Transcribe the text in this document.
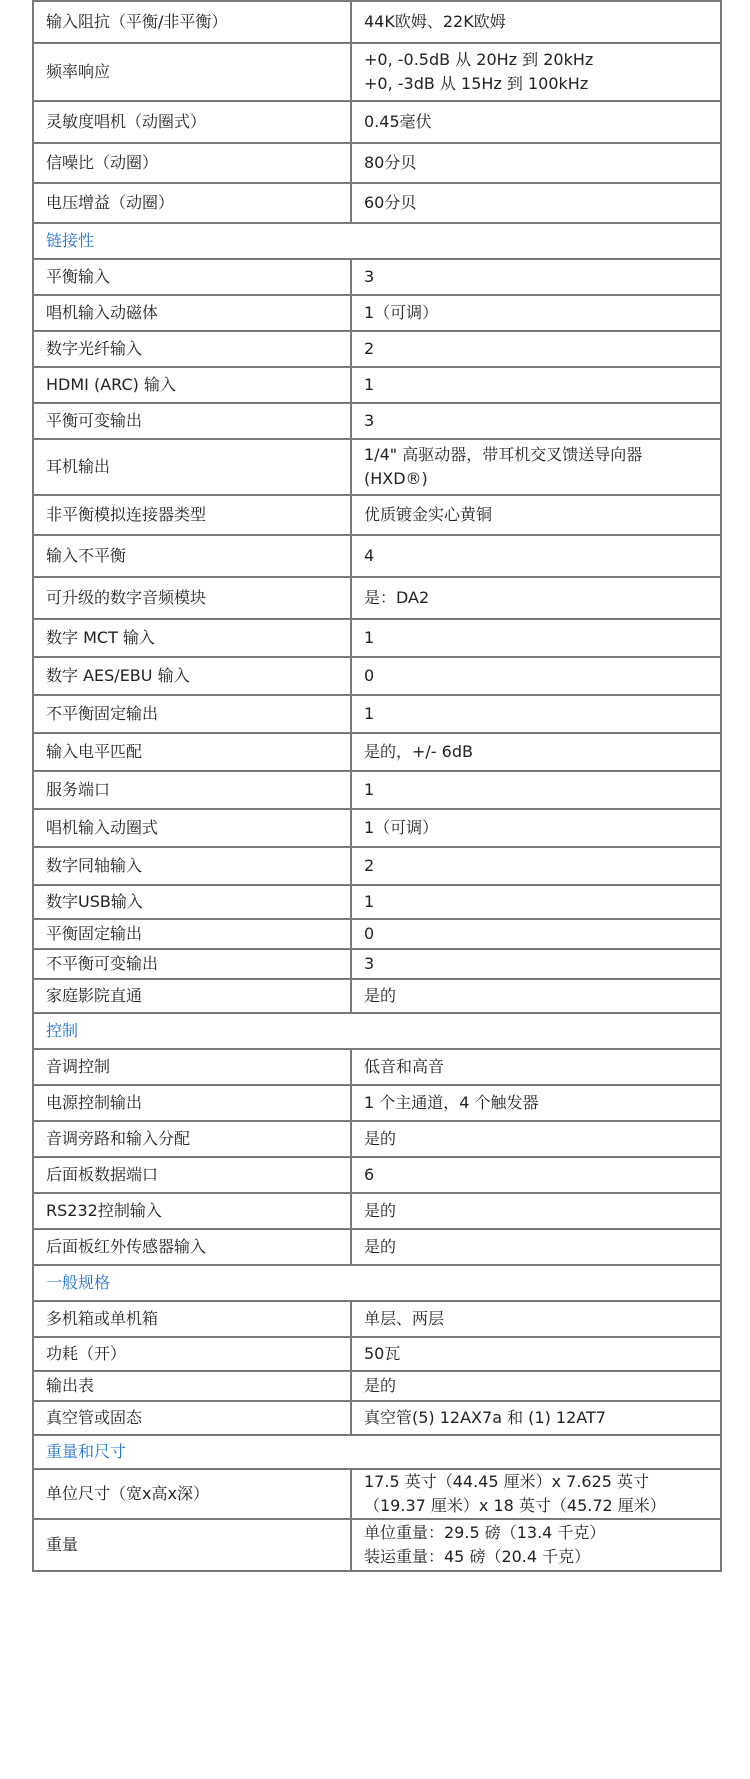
输入阻抗（平衡/非平衡）	44K欧姆、22K欧姆

频率响应	+0, -0.5dB 从 20Hz 到 20kHz
+0, -3dB 从 15Hz 到 100kHz

灵敏度唱机（动圈式）	0.45毫伏

信噪比（动圈）	80分贝

电压增益（动圈）	60分贝

链接性	
平衡输入	3

唱机输入动磁体	1（可调）

数字光纤输入	2

HDMI (ARC) 输入	1

平衡可变输出	3

耳机输出	1/4" 高驱动器，带耳机交叉馈送导向器
(HXD®)

非平衡模拟连接器类型	优质镀金实心黄铜

输入不平衡	4

可升级的数字音频模块	是：DA2

数字 MCT 输入	1

数字 AES/EBU 输入	0

不平衡固定输出	1

输入电平匹配	是的，+/- 6dB

服务端口	1

唱机输入动圈式	1（可调）

数字同轴输入	2

数字USB输入	1

平衡固定输出	0

不平衡可变输出	3

家庭影院直通	是的

控制	
音调控制	低音和高音

电源控制输出	1 个主通道，4 个触发器

音调旁路和输入分配	是的

后面板数据端口	6

RS232控制输入	是的

后面板红外传感器输入	是的

一般规格	
多机箱或单机箱	单层、两层

功耗（开）	50瓦

输出表	是的

真空管或固态	真空管(5) 12AX7a 和 (1) 12AT7

重量和尺寸	
单位尺寸（宽x高x深）	17.5 英寸（44.45 厘米）x 7.625 英寸
（19.37 厘米）x 18 英寸（45.72 厘米）

重量	单位重量：29.5 磅（13.4 千克）
装运重量：45 磅（20.4 千克）
